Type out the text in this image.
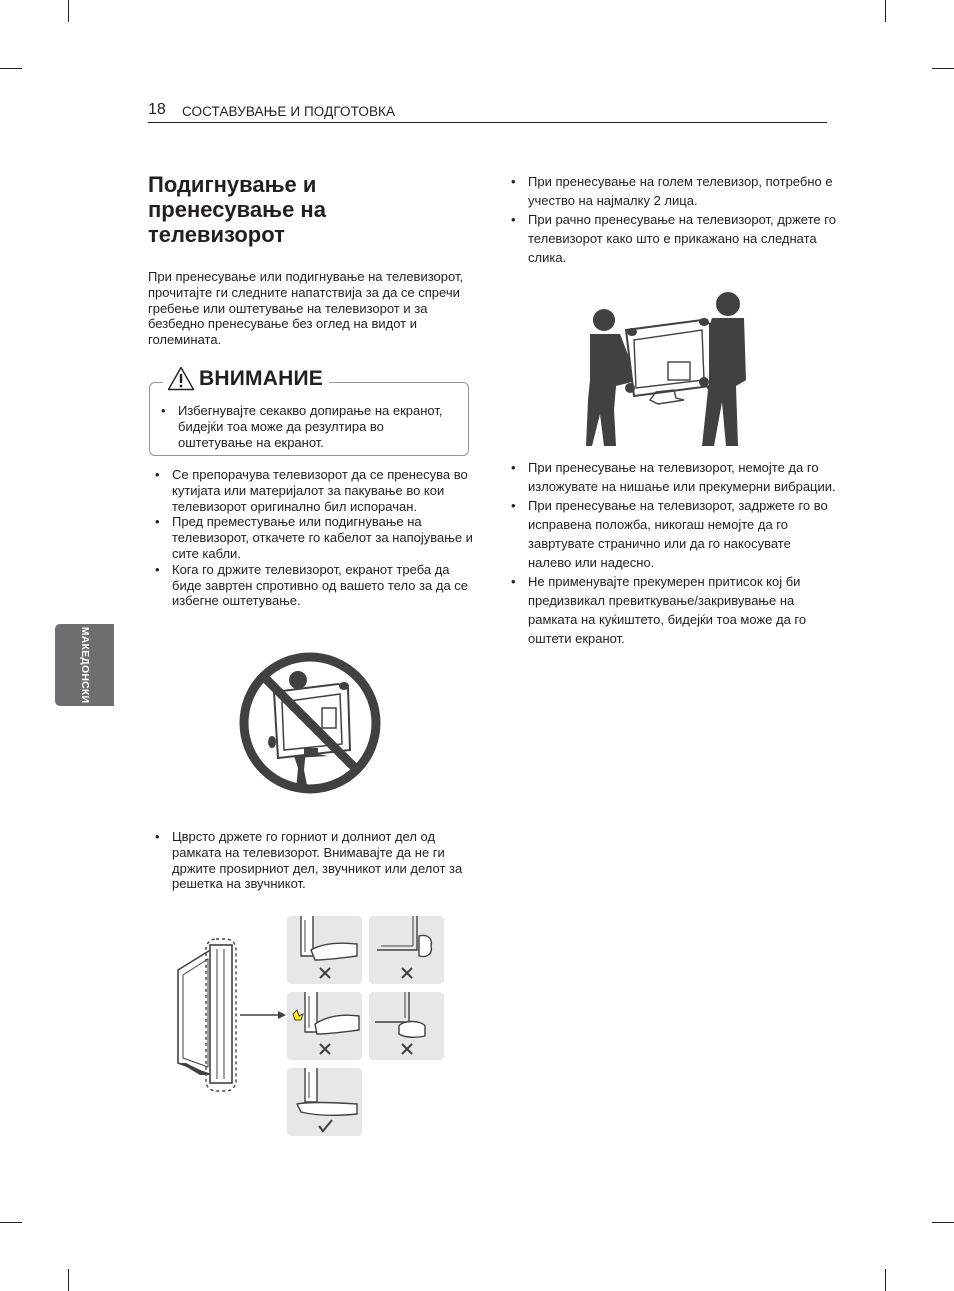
18 СОСТАВУВАЊЕ И ПОДГОТОВКА
МАКЕДОНСКИ
Подигнување и пренесување на телевизорот

При пренесување или подигнување на телевизорот, прочитајте ги следните напатствија за да се спречи гребење или оштетување на телевизорот и за безбедно пренесување без оглед на видот и големината.

ВНИМАНИЕ
• Избегнувајте секакво допирање на екранот, бидејќи тоа може да резултира во оштетување на екранот.
• Се препорачува телевизорот да се пренесува во кутијата или материјалот за пакување во кои телевизорот оригинално бил испорачан.
• Пред преместување или подигнување на телевизорот, откачете го кабелот за напојување и сите кабли.
• Кога го држите телевизорот, екранот треба да биде завртен спротивно од вашето тело за да се избегне оштетување.
• Цврсто држете го горниот и долниот дел од рамката на телевизорот. Внимавајте да не ги држите проѕирниот дел, звучникот или делот за решетка на звучникот.
• При пренесување на голем телевизор, потребно е учество на најмалку 2 лица.
• При рачно пренесување на телевизорот, држете го телевизорот како што е прикажано на следната слика.
• При пренесување на телевизорот, немојте да го изложувате на нишање или прекумерни вибрации.
• При пренесување на телевизорот, задржете го во исправена положба, никогаш немојте да го завртувате странично или да го накосувате налево или надесно.
• Не применувајте прекумерен притисок кој би предизвикал превиткување/закривување на рамката на куќиштето, бидејќи тоа може да го оштети екранот.
